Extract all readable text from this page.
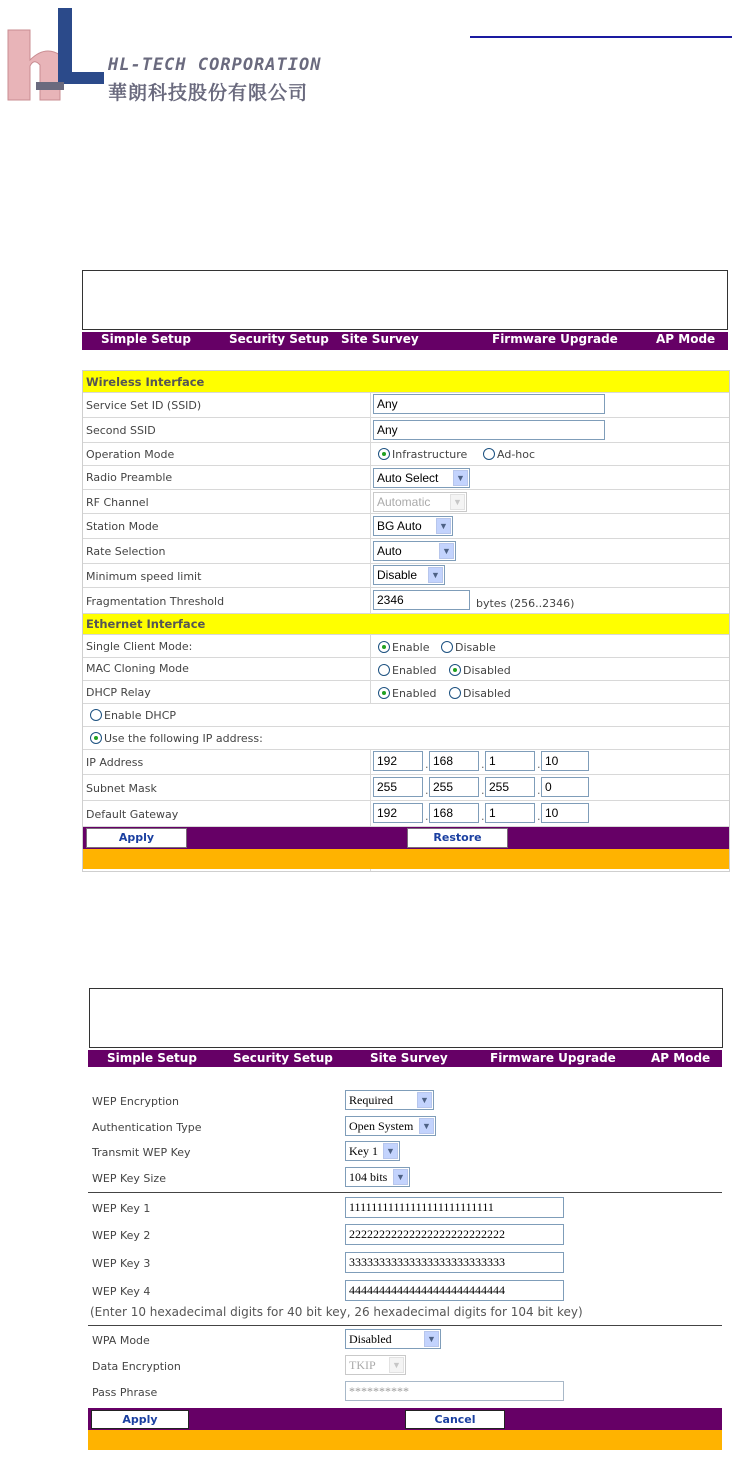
HL-TECH CORPORATION
華朗科技股份有限公司
Simple Setup	Security Setup Site Survey	Firmware Upgrade	AP Mode
Wireless Interface
Service Set ID (SSID)	Any
Second SSID	Any
Operation Mode	Infrastructure	Ad-hoc
Radio Preamble	Auto Select	▼
RF Channel	Automatic	▼
Station Mode	BG Auto	▼
Rate Selection	Auto	▼
Minimum speed limit	Disable	▼
Fragmentation Threshold	2346	bytes (256..2346)
Ethernet Interface
Single Client Mode:	Enable	Disable
MAC Cloning Mode	Enabled	Disabled
DHCP Relay	Enabled	Disabled
Enable DHCP
Use the following IP address:
IP Address	192	. 168	. 1	. 10
Subnet Mask	255	. 255	. 255	. 0
Default Gateway	192	. 168	. 1	. 10
Apply	Restore
Simple Setup	Security Setup	Site Survey	Firmware Upgrade	AP Mode
WEP Encryption	Required	▼
Authentication Type	Open System ▼
Transmit WEP Key	Key 1 ▼
WEP Key Size	104 bits ▼
WEP Key 1	11111111111111111111111111
WEP Key 2	22222222222222222222222222
WEP Key 3	33333333333333333333333333
WEP Key 4	44444444444444444444444444
(Enter 10 hexadecimal digits for 40 bit key, 26 hexadecimal digits for 104 bit key)
WPA Mode	Disabled	▼
Data Encryption	TKIP	▼
Pass Phrase	**********
Apply	Cancel
